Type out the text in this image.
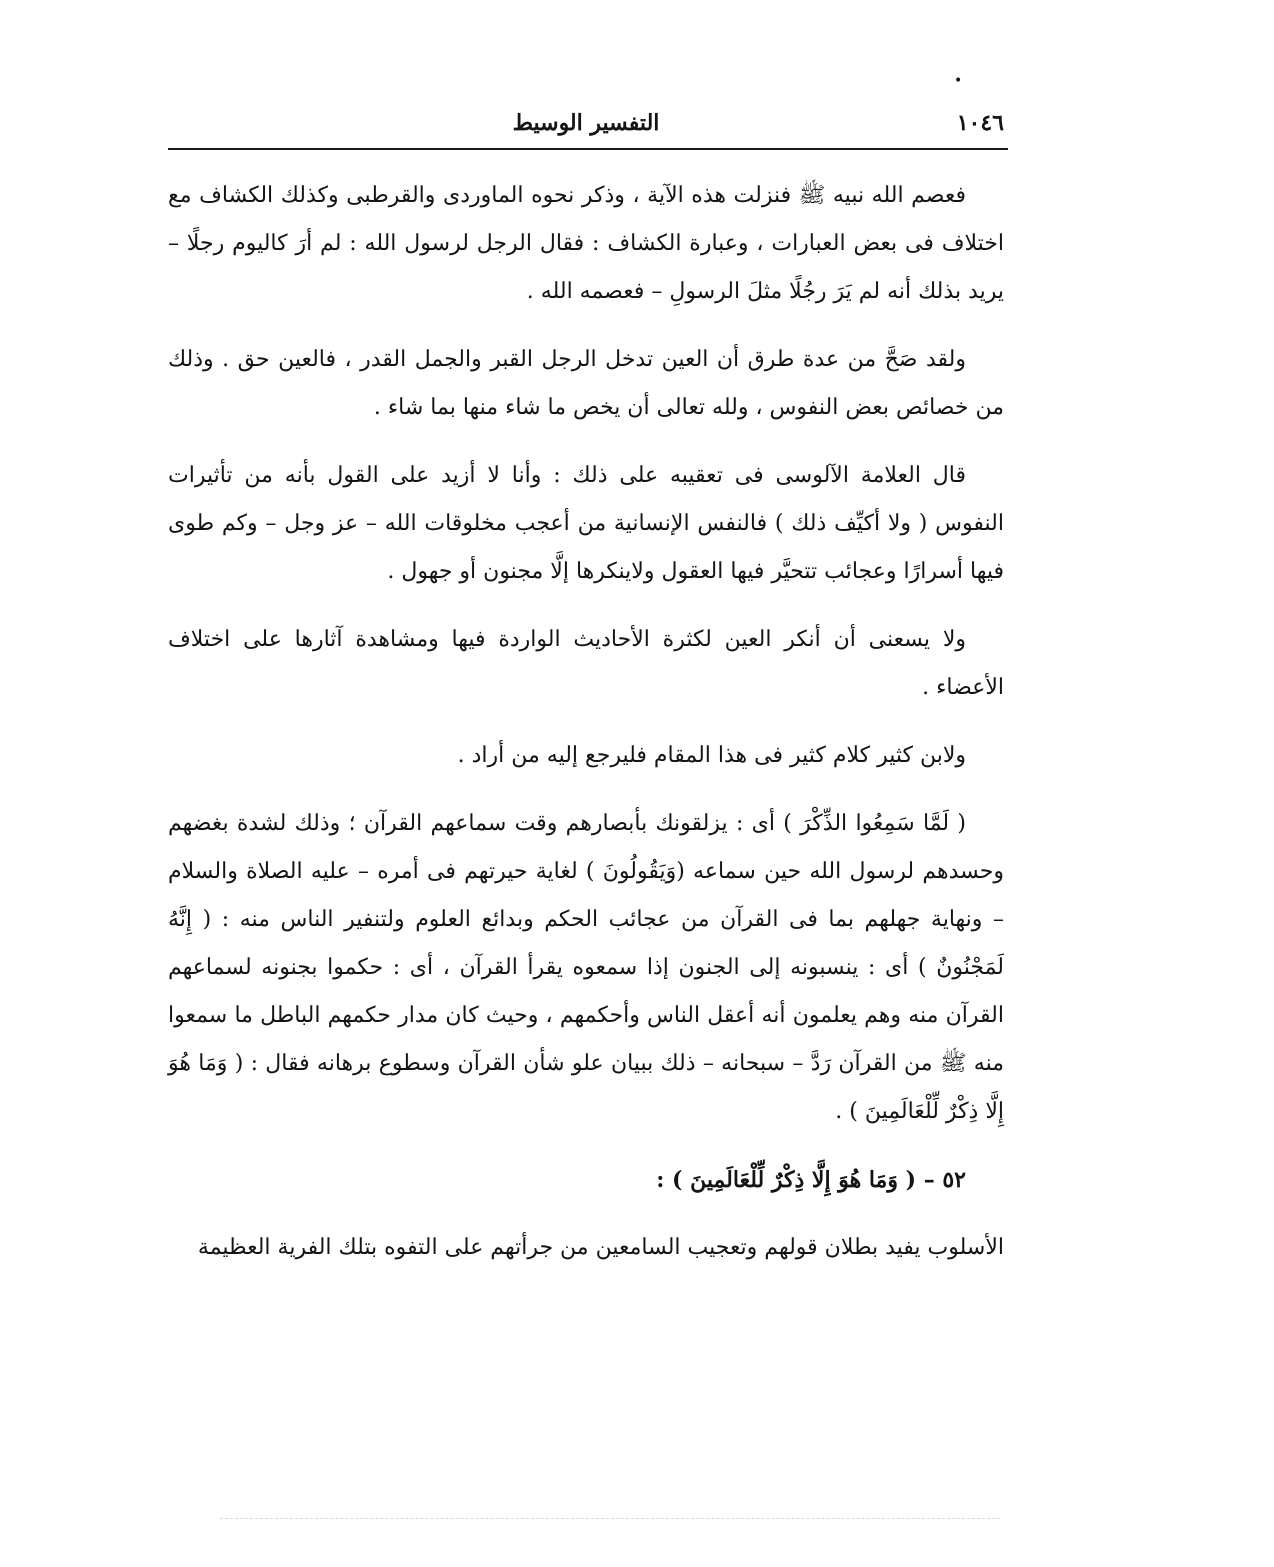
•
١٠٤٦
التفسير الوسيط

فعصم الله نبيه ﷺ فنزلت هذه الآية ، وذكر نحوه الماوردى والقرطبى وكذلك الكشاف مع اختلاف فى بعض العبارات ، وعبارة الكشاف : فقال الرجل لرسول الله : لم أرَ كاليوم رجلًا – يريد بذلك أنه لم يَرَ رجُلًا مثلَ الرسولِ – فعصمه الله .

ولقد صَحَّ من عدة طرق أن العين تدخل الرجل القبر والجمل القدر ، فالعين حق . وذلك من خصائص بعض النفوس ، ولله تعالى أن يخص ما شاء منها بما شاء .

قال العلامة الآلوسى فى تعقيبه على ذلك : وأنا لا أزيد على القول بأنه من تأثيرات النفوس ( ولا أكيِّف ذلك ) فالنفس الإنسانية من أعجب مخلوقات الله – عز وجل – وكم طوى فيها أسرارًا وعجائب تتحيَّر فيها العقول ولاينكرها إلَّا مجنون أو جهول .

ولا يسعنى أن أنكر العين لكثرة الأحاديث الواردة فيها ومشاهدة آثارها على اختلاف الأعضاء .

ولابن كثير كلام كثير فى هذا المقام فليرجع إليه من أراد .

( لَمَّا سَمِعُوا الذِّكْرَ ) أى : يزلقونك بأبصارهم وقت سماعهم القرآن ؛ وذلك لشدة بغضهم وحسدهم لرسول الله حين سماعه (وَيَقُولُونَ ) لغاية حيرتهم فى أمره – عليه الصلاة والسلام – ونهاية جهلهم بما فى القرآن من عجائب الحكم وبدائع العلوم ولتنفير الناس منه : ( إِنَّهُ لَمَجْنُونٌ ) أى : ينسبونه إلى الجنون إذا سمعوه يقرأ القرآن ، أى : حكموا بجنونه لسماعهم القرآن منه وهم يعلمون أنه أعقل الناس وأحكمهم ، وحيث كان مدار حكمهم الباطل ما سمعوا منه ﷺ من القرآن رَدَّ – سبحانه – ذلك ببيان علو شأن القرآن وسطوع برهانه فقال : ( وَمَا هُوَ إِلَّا ذِكْرٌ لِّلْعَالَمِينَ ) .

٥٢ – ( وَمَا هُوَ إِلَّا ذِكْرٌ لِّلْعَالَمِينَ ) :

الأسلوب يفيد بطلان قولهم وتعجيب السامعين من جرأتهم على التفوه بتلك الفرية العظيمة
